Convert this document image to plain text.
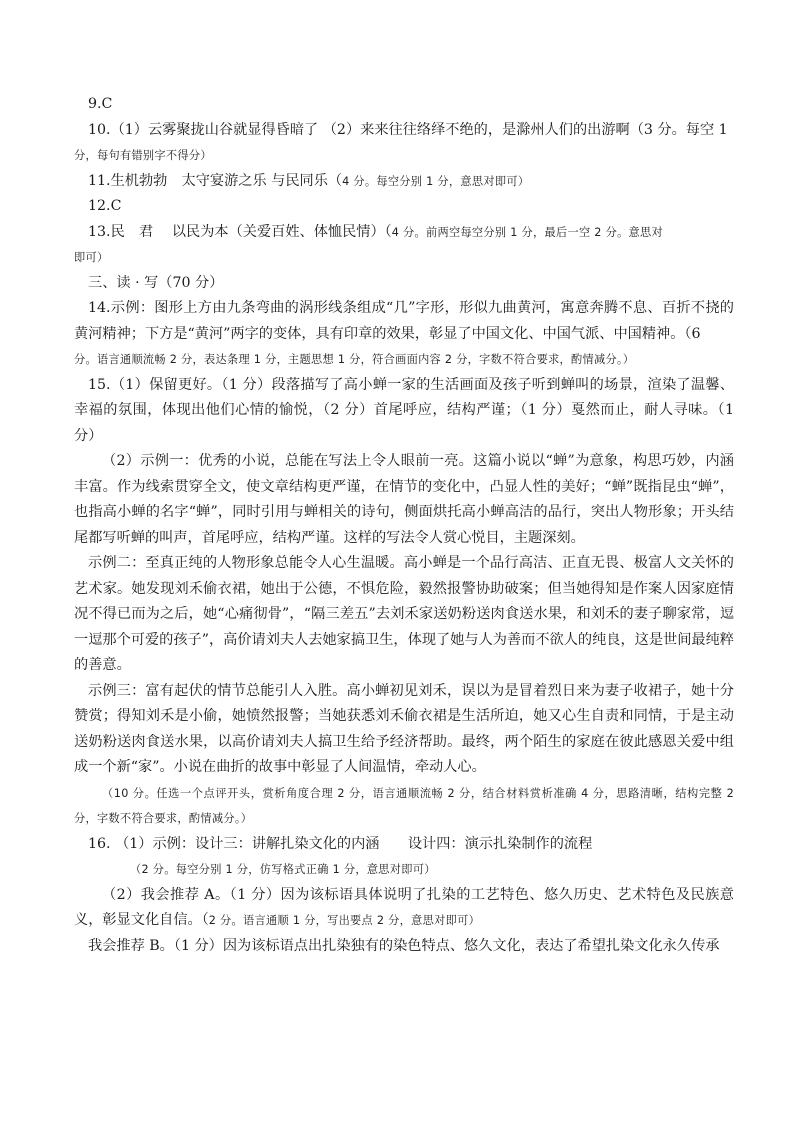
9.C

10.（1）云雾聚拢山谷就显得昏暗了 （2）来来往往络绎不绝的，是滁州人们的出游啊（3 分。每空 1

分，每句有错别字不得分）

11.生机勃勃　太守宴游之乐 与民同乐（4 分。每空分别 1 分，意思对即可）

12.C

13.民　君　 以民为本（关爱百姓、体恤民情）（4 分。前两空每空分别 1 分，最后一空 2 分。意思对

即可）

三、读 · 写（70 分）

14.示例：图形上方由九条弯曲的涡形线条组成“几”字形，形似九曲黄河，寓意奔腾不息、百折不挠的黄河精神；下方是“黄河”两字的变体，具有印章的效果，彰显了中国文化、中国气派、中国精神。（6

分。语言通顺流畅 2 分，表达条理 1 分，主题思想 1 分，符合画面内容 2 分，字数不符合要求，酌情减分。）

15.（1）保留更好。（1 分）段落描写了高小蝉一家的生活画面及孩子听到蝉叫的场景，渲染了温馨、幸福的氛围，体现出他们心情的愉悦，（2 分）首尾呼应，结构严谨；（1 分）戛然而止，耐人寻味。（1 分）

（2）示例一：优秀的小说，总能在写法上令人眼前一亮。这篇小说以“蝉”为意象，构思巧妙，内涵丰富。作为线索贯穿全文，使文章结构更严谨，在情节的变化中，凸显人性的美好；“蝉”既指昆虫“蝉”，也指高小蝉的名字“蝉”，同时引用与蝉相关的诗句，侧面烘托高小蝉高洁的品行，突出人物形象；开头结尾都写听蝉的叫声，首尾呼应，结构严谨。这样的写法令人赏心悦目，主题深刻。

示例二：至真正纯的人物形象总能令人心生温暖。高小蝉是一个品行高洁、正直无畏、极富人文关怀的艺术家。她发现刘禾偷衣裙，她出于公德，不惧危险，毅然报警协助破案；但当她得知是作案人因家庭情况不得已而为之后，她“心痛彻骨”，“隔三差五”去刘禾家送奶粉送肉食送水果，和刘禾的妻子聊家常，逗一逗那个可爱的孩子”，高价请刘夫人去她家搞卫生，体现了她与人为善而不欲人的纯良，这是世间最纯粹的善意。

示例三：富有起伏的情节总能引人入胜。高小蝉初见刘禾，误以为是冒着烈日来为妻子收裙子，她十分赞赏；得知刘禾是小偷，她愤然报警；当她获悉刘禾偷衣裙是生活所迫，她又心生自责和同情，于是主动送奶粉送肉食送水果，以高价请刘夫人搞卫生给予经济帮助。最终，两个陌生的家庭在彼此感恩关爱中组成一个新“家”。小说在曲折的故事中彰显了人间温情，牵动人心。

（10 分。任选一个点评开头，赏析角度合理 2 分，语言通顺流畅 2 分，结合材料赏析准确 4 分，思路清晰，结构完整 2 分，字数不符合要求，酌情减分。）

16. （1）示例：设计三：讲解扎染文化的内涵　　设计四：演示扎染制作的流程

（2 分。每空分别 1 分，仿写格式正确 1 分，意思对即可）

（2）我会推荐 A。（1 分）因为该标语具体说明了扎染的工艺特色、悠久历史、艺术特色及民族意义，彰显文化自信。（2 分。语言通顺 1 分，写出要点 2 分，意思对即可）

我会推荐 B。（1 分）因为该标语点出扎染独有的染色特点、悠久文化，表达了希望扎染文化永久传承
